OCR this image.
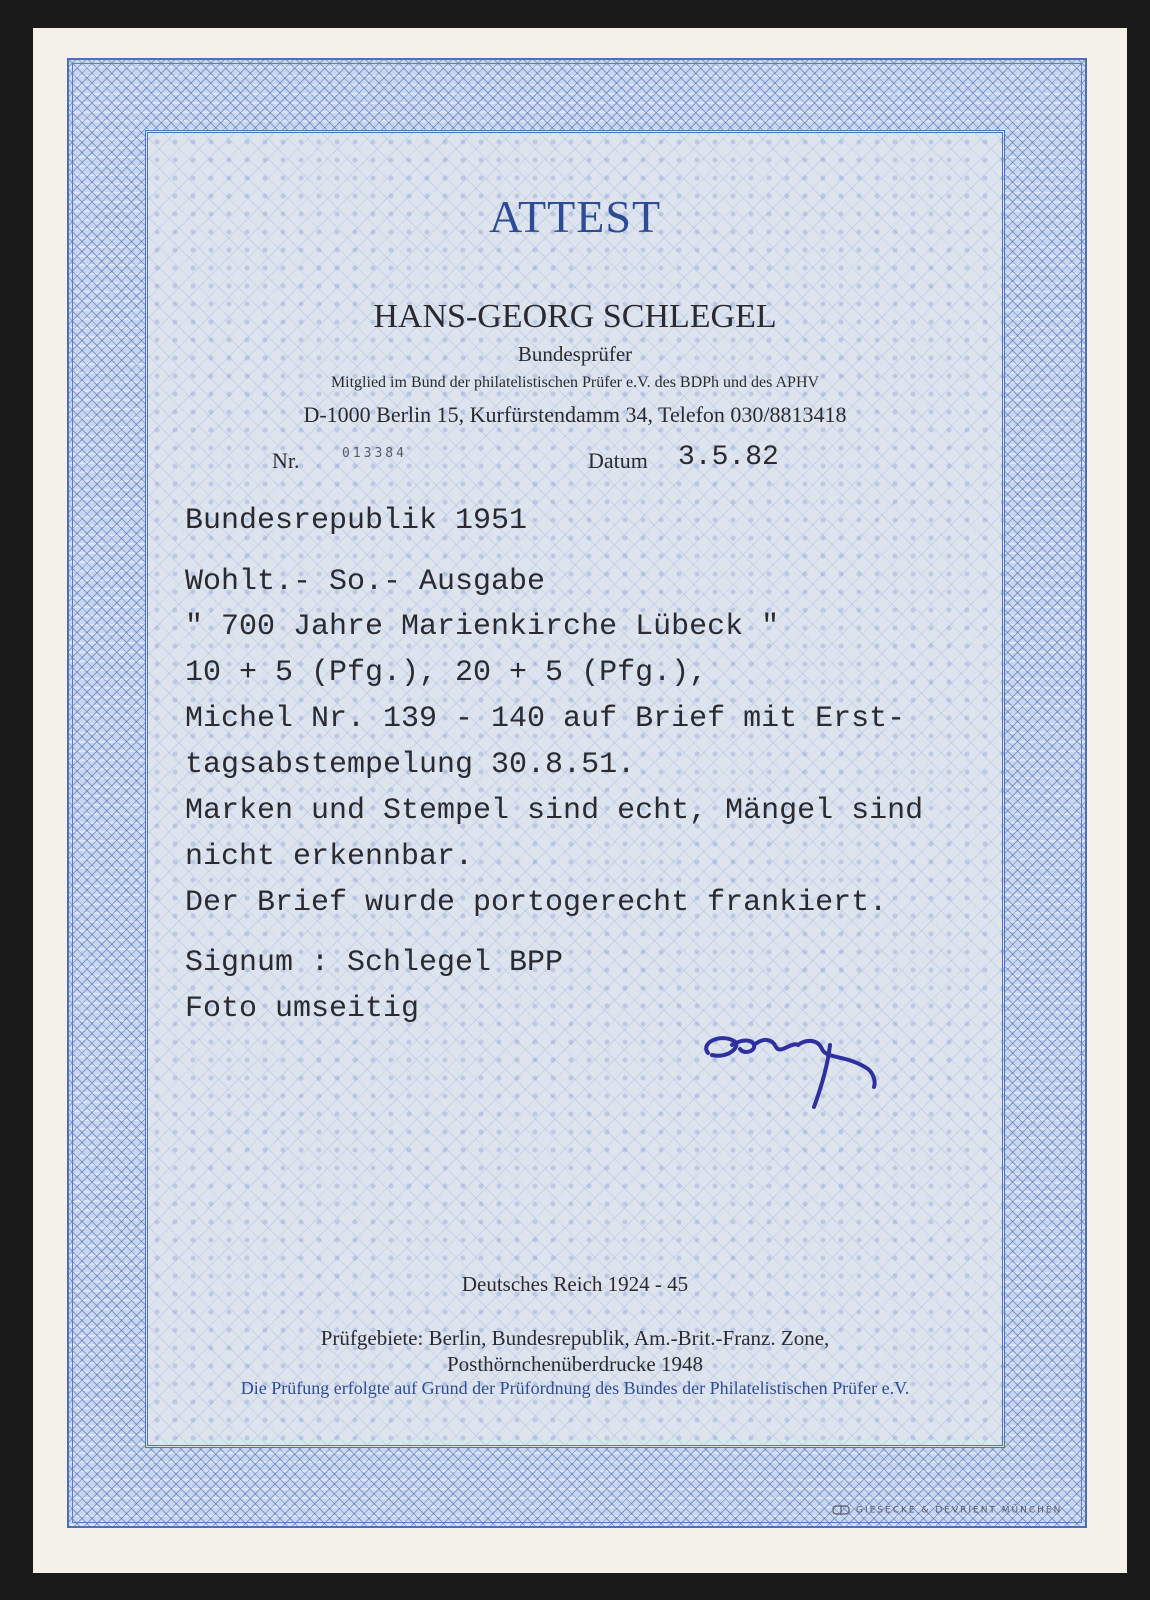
ATTEST

HANS-GEORG SCHLEGEL

Bundesprüfer

Mitglied im Bund der philatelistischen Prüfer e.V. des BDPh und des APHV

D-1000 Berlin 15, Kurfürstendamm 34, Telefon 030/8813418

Nr.	013384	Datum 3.5.82

Bundesrepublik 1951

Wohlt.- So.- Ausgabe

" 700 Jahre Marienkirche Lübeck "

10 + 5 (Pfg.), 20 + 5 (Pfg.),

Michel Nr. 139 - 140 auf Brief mit Erst-

tagsabstempelung 30.8.51.

Marken und Stempel sind echt, Mängel sind

nicht erkennbar.

Der Brief wurde portogerecht frankiert.

Signum : Schlegel BPP

Foto umseitig

Deutsches Reich 1924 - 45

Prüfgebiete: Berlin, Bundesrepublik, Am.-Brit.-Franz. Zone,

Posthörnchenüberdrucke 1948

Die Prüfung erfolgte auf Grund der Prüfordnung des Bundes der Philatelistischen Prüfer e.V.

GIESECKE & DEVRIENT MÜNCHEN
